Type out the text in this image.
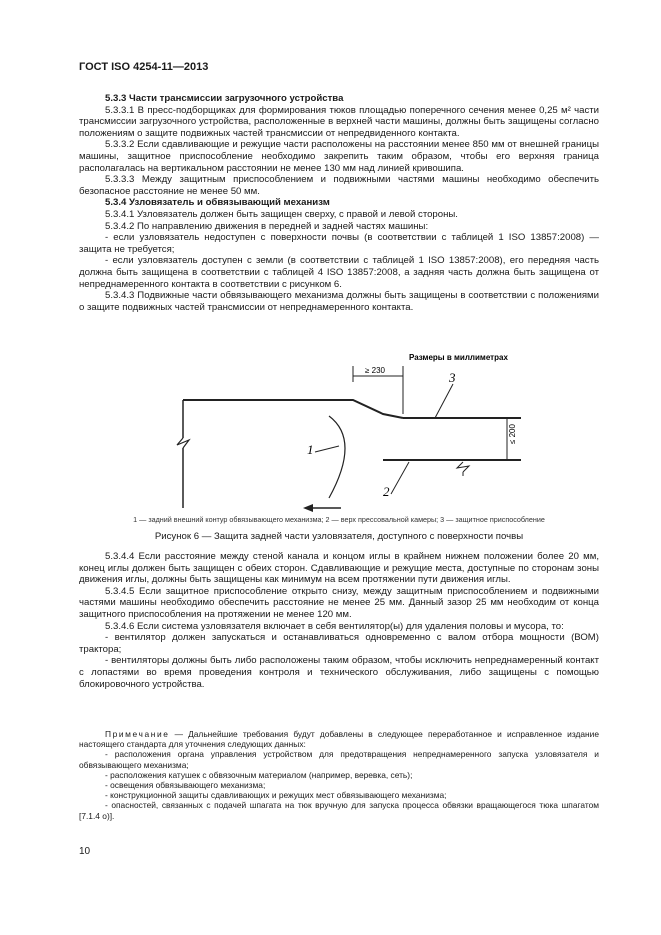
ГОСТ ISO 4254-11—2013

5.3.3 Части трансмиссии загрузочного устройства

5.3.3.1 В пресс-подборщиках для формирования тюков площадью поперечного сечения менее 0,25 м² части трансмиссии загрузочного устройства, расположенные в верхней части машины, должны быть защищены согласно положениям о защите подвижных частей трансмиссии от непредвиденного контакта.

5.3.3.2 Если сдавливающие и режущие части расположены на расстоянии менее 850 мм от внешней границы машины, защитное приспособление необходимо закрепить таким образом, чтобы его верхняя граница располагалась на вертикальном расстоянии не менее 130 мм над линией кривошипа.

5.3.3.3 Между защитным приспособлением и подвижными частями машины необходимо обеспечить безопасное расстояние не менее 50 мм.

5.3.4 Узловязатель и обвязывающий механизм

5.3.4.1 Узловязатель должен быть защищен сверху, с правой и левой стороны.

5.3.4.2 По направлению движения в передней и задней частях машины:

- если узловязатель недоступен с поверхности почвы (в соответствии с таблицей 1 ISO 13857:2008) — защита не требуется;

- если узловязатель доступен с земли (в соответствии с таблицей 1 ISO 13857:2008), его передняя часть должна быть защищена в соответствии с таблицей 4 ISO 13857:2008, а задняя часть должна быть защищена от непреднамеренного контакта в соответствии с рисунком 6.

5.3.4.3 Подвижные части обвязывающего механизма должны быть защищены в соответствии с положениями о защите подвижных частей трансмиссии от непреднамеренного контакта.

Размеры в миллиметрах
≥ 230
≤ 200
1
2
3
1 — задний внешний контур обвязывающего механизма; 2 — верх прессовальной камеры; 3 — защитное приспособление
Рисунок 6 — Защита задней части узловязателя, доступного с поверхности почвы

5.3.4.4 Если расстояние между стеной канала и концом иглы в крайнем нижнем положении более 20 мм, конец иглы должен быть защищен с обеих сторон. Сдавливающие и режущие места, доступные по сторонам зоны движения иглы, должны быть защищены как минимум на всем протяжении пути движения иглы.

5.3.4.5 Если защитное приспособление открыто снизу, между защитным приспособлением и подвижными частями машины необходимо обеспечить расстояние не менее 25 мм. Данный зазор 25 мм необходим от конца защитного приспособления на протяжении не менее 120 мм.

5.3.4.6 Если система узловязателя включает в себя вентилятор(ы) для удаления половы и мусора, то:

- вентилятор должен запускаться и останавливаться одновременно с валом отбора мощности (ВОМ) трактора;

- вентиляторы должны быть либо расположены таким образом, чтобы исключить непреднамеренный контакт с лопастями во время проведения контроля и технического обслуживания, либо защищены с помощью блокировочного устройства.

Примечание — Дальнейшие требования будут добавлены в следующее переработанное и исправленное издание настоящего стандарта для уточнения следующих данных:

- расположения органа управления устройством для предотвращения непреднамеренного запуска узловязателя и обвязывающего механизма;

- расположения катушек с обвязочным материалом (например, веревка, сеть);

- освещения обвязывающего механизма;

- конструкционной защиты сдавливающих и режущих мест обвязывающего механизма;

- опасностей, связанных с подачей шпагата на тюк вручную для запуска процесса обвязки вращающегося тюка шпагатом [7.1.4 о)].

10
